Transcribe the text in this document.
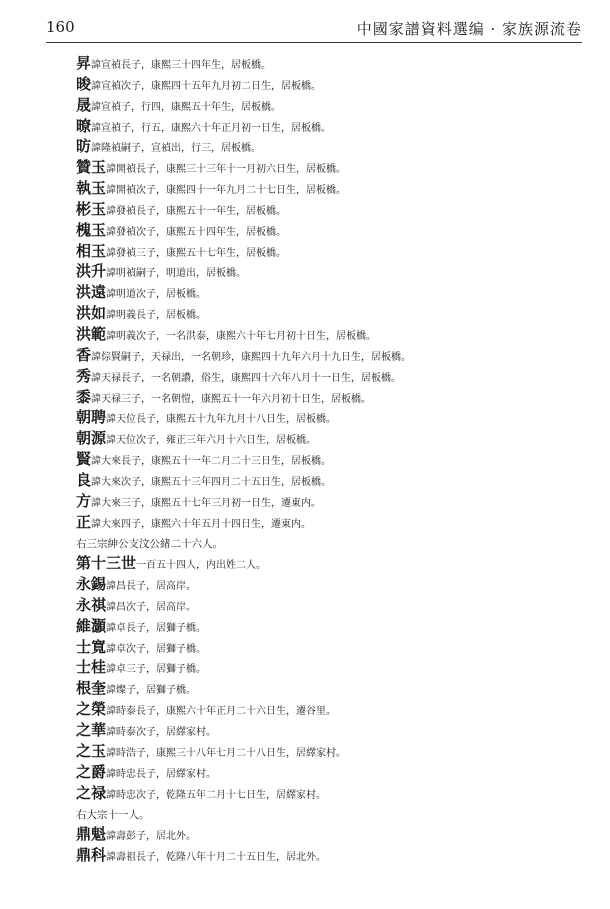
160	中國家譜資料選编 · 家族源流卷
昇諱宣禎長子，康熙三十四年生，居板橋。
晙諱宣禎次子，康熙四十五年九月初二日生，居板橋。
晟諱宣禎子，行四，康熙五十年生，居板橋。
暸諱宣禎子，行五，康熙六十年正月初一日生，居板橋。
昉諱隆禎嗣子，宣禎出，行三，居板橋。
贊玉諱開禎長子，康熙三十三年十一月初六日生，居板橋。
執玉諱開禎次子，康熙四十一年九月二十七日生，居板橋。
彬玉諱發禎長子，康熙五十一年生，居板橋。
槐玉諱發禎次子，康熙五十四年生，居板橋。
相玉諱發禎三子，康熙五十七年生，居板橋。
洪升諱明禎嗣子，明道出，居板橋。
洪遠諱明道次子，居板橋。
洪如諱明義長子，居板橋。
洪範諱明義次子，一名洪泰，康熙六十年七月初十日生，居板橋。
香諱倧賢嗣子，天禄出，一名朝珍，康熙四十九年六月十九日生，居板橋。
秀諱天禄長子，一名朝讚，俗生，康熙四十六年八月十一日生，居板橋。
黍諱天禄三子，一名朝愷，康熙五十一年六月初十日生，居板橋。
朝聘諱天位長子，康熙五十九年九月十八日生，居板橋。
朝源諱天位次子，雍正三年六月十六日生，居板橋。
賢諱大來長子，康熙五十一年二月二十三日生，居板橋。
良諱大來次子，康熙五十三年四月二十五日生，居板橋。
方諱大來三子，康熙五十七年三月初一日生，遷東内。
正諱大來四子，康熙六十年五月十四日生，遷東内。
右三宗紳公支汶公緒二十六人。
第十三世一百五十四人，内出姓二人。
永錫諱昌長子，居高岸。
永祺諱昌次子，居高岸。
維灝諱卓長子，居獅子橋。
士寬諱卓次子，居獅子橋。
士桂諱卓三子，居獅子橋。
根奎諱燦子，居獅子橋。
之榮諱時泰長子，康熙六十年正月二十六日生，遷谷里。
之華諱時泰次子，居繹家村。
之玉諱時浩子，康熙三十八年七月二十八日生，居繹家村。
之爵諱時忠長子，居繹家村。
之禄諱時忠次子，乾隆五年二月十七日生，居繹家村。
右大宗十一人。
鼎魁諱壽彭子，居北外。
鼎科諱壽祖長子，乾隆八年十月二十五日生，居北外。
